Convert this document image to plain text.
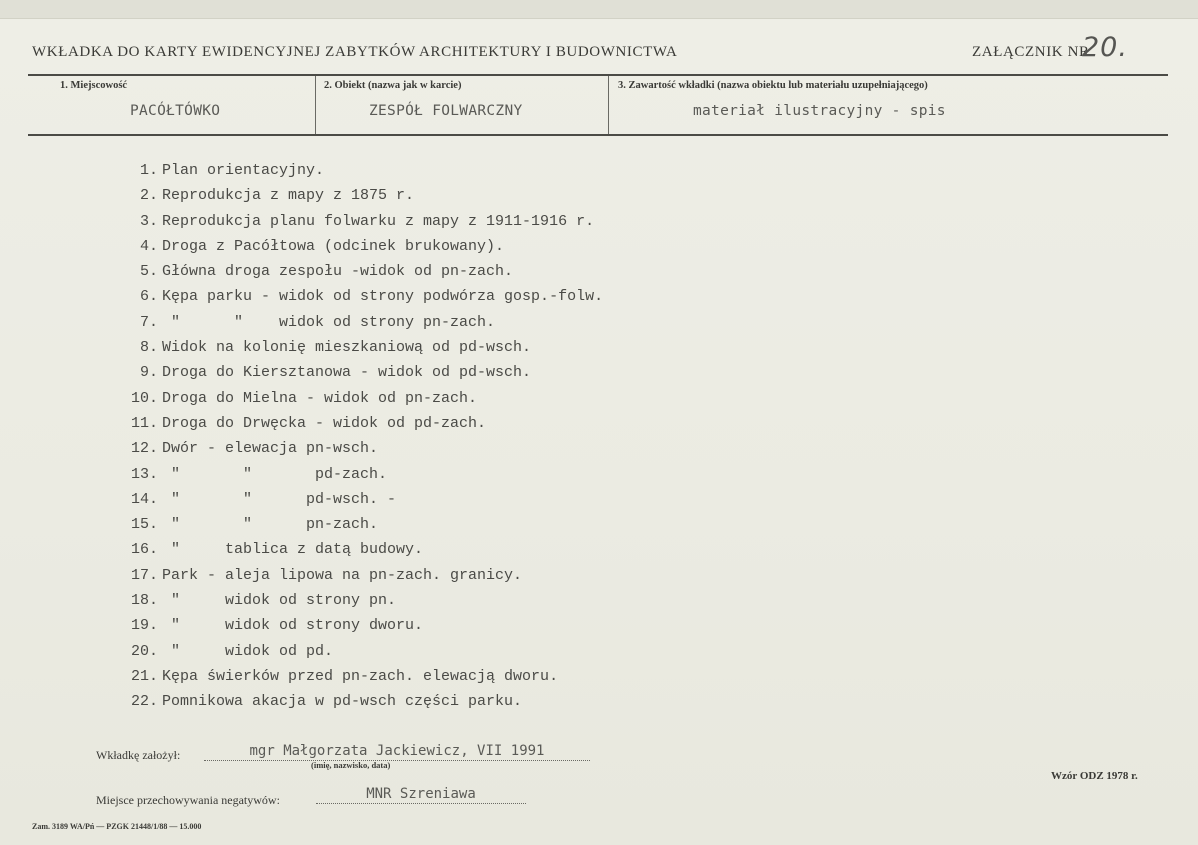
WKŁADKA DO KARTY EWIDENCYJNEJ ZABYTKÓW ARCHITEKTURY I BUDOWNICTWA	ZAŁĄCZNIK NR
20.
1. Miejscowość
PACÓŁTÓWKO
2. Obiekt (nazwa jak w karcie)
ZESPÓŁ FOLWARCZNY
3. Zawartość wkładki (nazwa obiektu lub materiału uzupełniającego)
materiał ilustracyjny - spis
1. Plan orientacyjny.
2. Reprodukcja z mapy z 1875 r.
3. Reprodukcja planu folwarku z mapy z 1911-1916 r.
4. Droga z Pacółtowa (odcinek brukowany).
5. Główna droga zespołu -widok od pn-zach.
6. Kępa parku - widok od strony podwórza gosp.-folw.
7. "      "    widok od strony pn-zach.
8. Widok na kolonię mieszkaniową od pd-wsch.
9. Droga do Kiersztanowa - widok od pd-wsch.
10. Droga do Mielna - widok od pn-zach.
11. Droga do Drwęcka - widok od pd-zach.
12. Dwór - elewacja pn-wsch.
13. "       "       pd-zach.
14. "       "      pd-wsch. -
15. "       "      pn-zach.
16. "     tablica z datą budowy.
17. Park - aleja lipowa na pn-zach. granicy.
18. "     widok od strony pn.
19. "     widok od strony dworu.
20. "     widok od pd.
21. Kępa świerków przed pn-zach. elewacją dworu.
22. Pomnikowa akacja w pd-wsch części parku.
Wkładkę założył:	mgr Małgorzata Jackiewicz, VII 1991
(imię, nazwisko, data)
Wzór ODZ 1978 r.
Miejsce przechowywania negatywów:	MNR Szreniawa
Zam. 3189 WA/Pń — PZGK 21448/1/88 — 15.000
